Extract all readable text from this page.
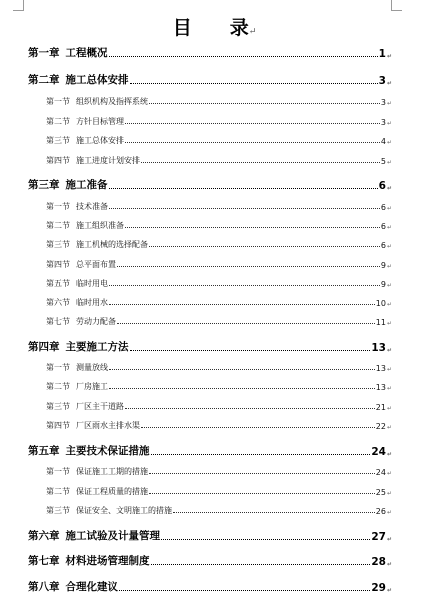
目 录↵
第一章 工程概况	1 ↵
第二章 施工总体安排	3 ↵
第一节 组织机构及指挥系统	3 ↵
第二节 方针目标管理	3 ↵
第三节 施工总体安排	4 ↵
第四节 施工进度计划安排	5 ↵
第三章 施工准备	6 ↵
第一节 技术准备	6 ↵
第二节 施工组织准备	6 ↵
第三节 施工机械的选择配备	6 ↵
第四节 总平面布置	9 ↵
第五节 临时用电	9 ↵
第六节 临时用水	10 ↵
第七节 劳动力配备	11 ↵
第四章 主要施工方法	13 ↵
第一节 测量放线	13 ↵
第二节 厂房施工	13 ↵
第三节 厂区主干道路	21 ↵
第四节 厂区雨水主排水渠	22 ↵
第五章 主要技术保证措施	24 ↵
第一节 保证施工工期的措施	24 ↵
第二节 保证工程质量的措施	25 ↵
第三节 保证安全、文明施工的措施	26 ↵
第六章 施工试验及计量管理	27 ↵
第七章 材料进场管理制度	28 ↵
第八章 合理化建议	29 ↵
